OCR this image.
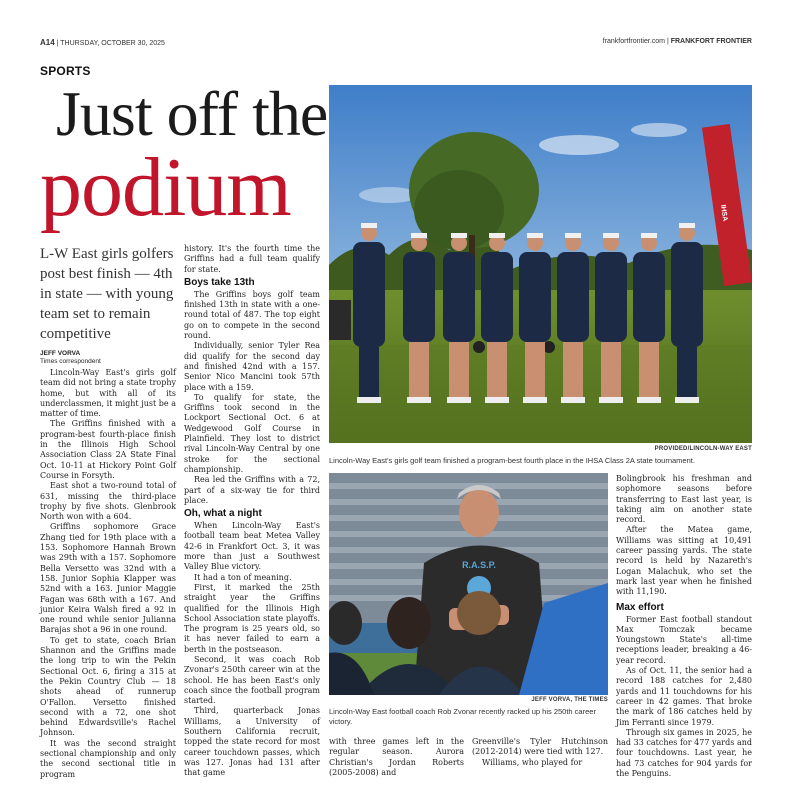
A14 | THURSDAY, OCTOBER 30, 2025	frankfortfrontier.com | FRANKFORT FRONTIER
SPORTS
Just off the
podium
L-W East girls golfers post best finish — 4th in state — with young team set to remain competitive
JEFF VORVA
Times correspondent

Lincoln-Way East's girls golf team did not bring a state trophy home, but with all of its underclassmen, it might just be a matter of time.

The Griffins finished with a program-best fourth-place finish in the Illinois High School Association Class 2A State Final Oct. 10-11 at Hickory Point Golf Course in Forsyth.

East shot a two-round total of 631, missing the third-place trophy by five shots. Glenbrook North won with a 604.

Griffins sophomore Grace Zhang tied for 19th place with a 153. Sophomore Hannah Brown was 29th with a 157. Sophomore Bella Versetto was 32nd with a 158. Junior Sophia Klapper was 52nd with a 163. Junior Maggie Fagan was 68th with a 167. And junior Keira Walsh fired a 92 in one round while senior Julianna Barajas shot a 96 in one round.

To get to state, coach Brian Shannon and the Griffins made the long trip to win the Pekin Sectional Oct. 6, firing a 315 at the Pekin Country Club — 18 shots ahead of runnerup O'Fallon. Versetto finished second with a 72, one shot behind Edwardsville's Rachel Johnson.

It was the second straight sectional championship and only the second sectional title in program

history. It's the fourth time the Griffins had a full team qualify for state.

Boys take 13th

The Griffins boys golf team finished 13th in state with a one-round total of 487. The top eight go on to compete in the second round.

Individually, senior Tyler Rea did qualify for the second day and finished 42nd with a 157. Senior Nico Mancini took 57th place with a 159.

To qualify for state, the Griffins took second in the Lockport Sectional Oct. 6 at Wedgewood Golf Course in Plainfield. They lost to district rival Lincoln-Way Central by one stroke for the sectional championship.

Rea led the Griffins with a 72, part of a six-way tie for third place.

Oh, what a night

When Lincoln-Way East's football team beat Metea Valley 42-6 in Frankfort Oct. 3, it was more than just a Southwest Valley Blue victory.

It had a ton of meaning.

First, it marked the 25th straight year the Griffins qualified for the Illinois High School Association state playoffs. The program is 25 years old, so it has never failed to earn a berth in the postseason.

Second, it was coach Rob Zvonar's 250th career win at the school. He has been East's only coach since the football program started.

Third, quarterback Jonas Williams, a University of Southern California recruit, topped the state record for most career touchdown passes, which was 127. Jonas had 131 after that game

IHSA
PROVIDED/LINCOLN-WAY EAST
Lincoln-Way East's girls golf team finished a program-best fourth place in the IHSA Class 2A state tournament.
R.A.S.P.
JEFF VORVA, THE TIMES
Lincoln-Way East football coach Rob Zvonar recently racked up his 250th career victory.

with three games left in the regular season. Aurora Christian's Jordan Roberts (2005-2008) and

Greenville's Tyler Hutchinson (2012-2014) were tied with 127.

Williams, who played for

Bolingbrook his freshman and sophomore seasons before transferring to East last year, is taking aim on another state record.

After the Matea game, Williams was sitting at 10,491 career passing yards. The state record is held by Nazareth's Logan Malachuk, who set the mark last year when he finished with 11,190.

Max effort

Former East football standout Max Tomczak became Youngstown State's all-time receptions leader, breaking a 46-year record.

As of Oct. 11, the senior had a record 188 catches for 2,480 yards and 11 touchdowns for his career in 42 games. That broke the mark of 186 catches held by Jim Ferranti since 1979.

Through six games in 2025, he had 33 catches for 477 yards and four touchdowns. Last year, he had 73 catches for 904 yards for the Penguins.
